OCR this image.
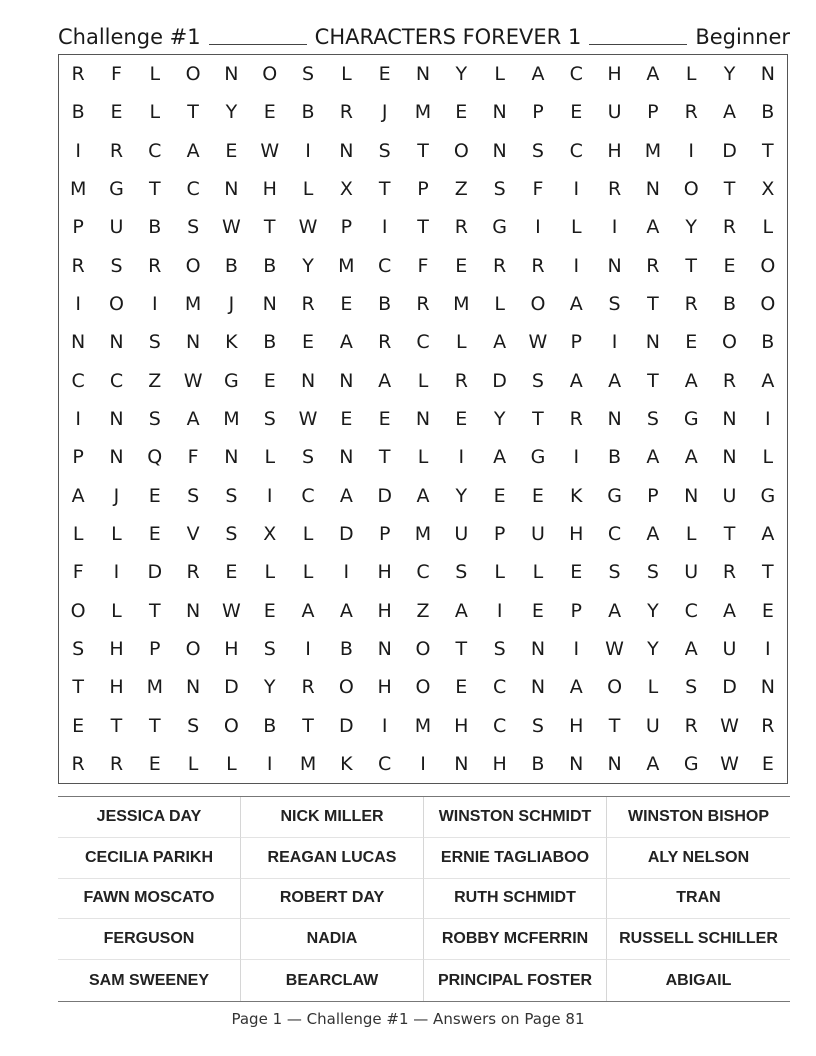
Challenge #1	CHARACTERS FOREVER 1	Beginner
R	F	L	O	N	O	S	L	E	N	Y	L	A	C	H	A	L	Y	N
B	E	L	T	Y	E	B	R	J	M	E	N	P	E	U	P	R	A	B
I	R	C	A	E	W	I	N	S	T	O	N	S	C	H	M	I	D	T
M	G	T	C	N	H	L	X	T	P	Z	S	F	I	R	N	O	T	X
P	U	B	S	W	T	W	P	I	T	R	G	I	L	I	A	Y	R	L
R	S	R	O	B	B	Y	M	C	F	E	R	R	I	N	R	T	E	O
I	O	I	M	J	N	R	E	B	R	M	L	O	A	S	T	R	B	O
N	N	S	N	K	B	E	A	R	C	L	A	W	P	I	N	E	O	B
C	C	Z	W	G	E	N	N	A	L	R	D	S	A	A	T	A	R	A
I	N	S	A	M	S	W	E	E	N	E	Y	T	R	N	S	G	N	I
P	N	Q	F	N	L	S	N	T	L	I	A	G	I	B	A	A	N	L
A	J	E	S	S	I	C	A	D	A	Y	E	E	K	G	P	N	U	G
L	L	E	V	S	X	L	D	P	M	U	P	U	H	C	A	L	T	A
F	I	D	R	E	L	L	I	H	C	S	L	L	E	S	S	U	R	T
O	L	T	N	W	E	A	A	H	Z	A	I	E	P	A	Y	C	A	E
S	H	P	O	H	S	I	B	N	O	T	S	N	I	W	Y	A	U	I
T	H	M	N	D	Y	R	O	H	O	E	C	N	A	O	L	S	D	N
E	T	T	S	O	B	T	D	I	M	H	C	S	H	T	U	R	W	R
R	R	E	L	L	I	M	K	C	I	N	H	B	N	N	A	G	W	E
JESSICA DAY	NICK MILLER	WINSTON SCHMIDT	WINSTON BISHOP
CECILIA PARIKH	REAGAN LUCAS	ERNIE TAGLIABOO	ALY NELSON
FAWN MOSCATO	ROBERT DAY	RUTH SCHMIDT	TRAN
FERGUSON	NADIA	ROBBY MCFERRIN	RUSSELL SCHILLER
SAM SWEENEY	BEARCLAW	PRINCIPAL FOSTER	ABIGAIL
Page 1 — Challenge #1 — Answers on Page 81
